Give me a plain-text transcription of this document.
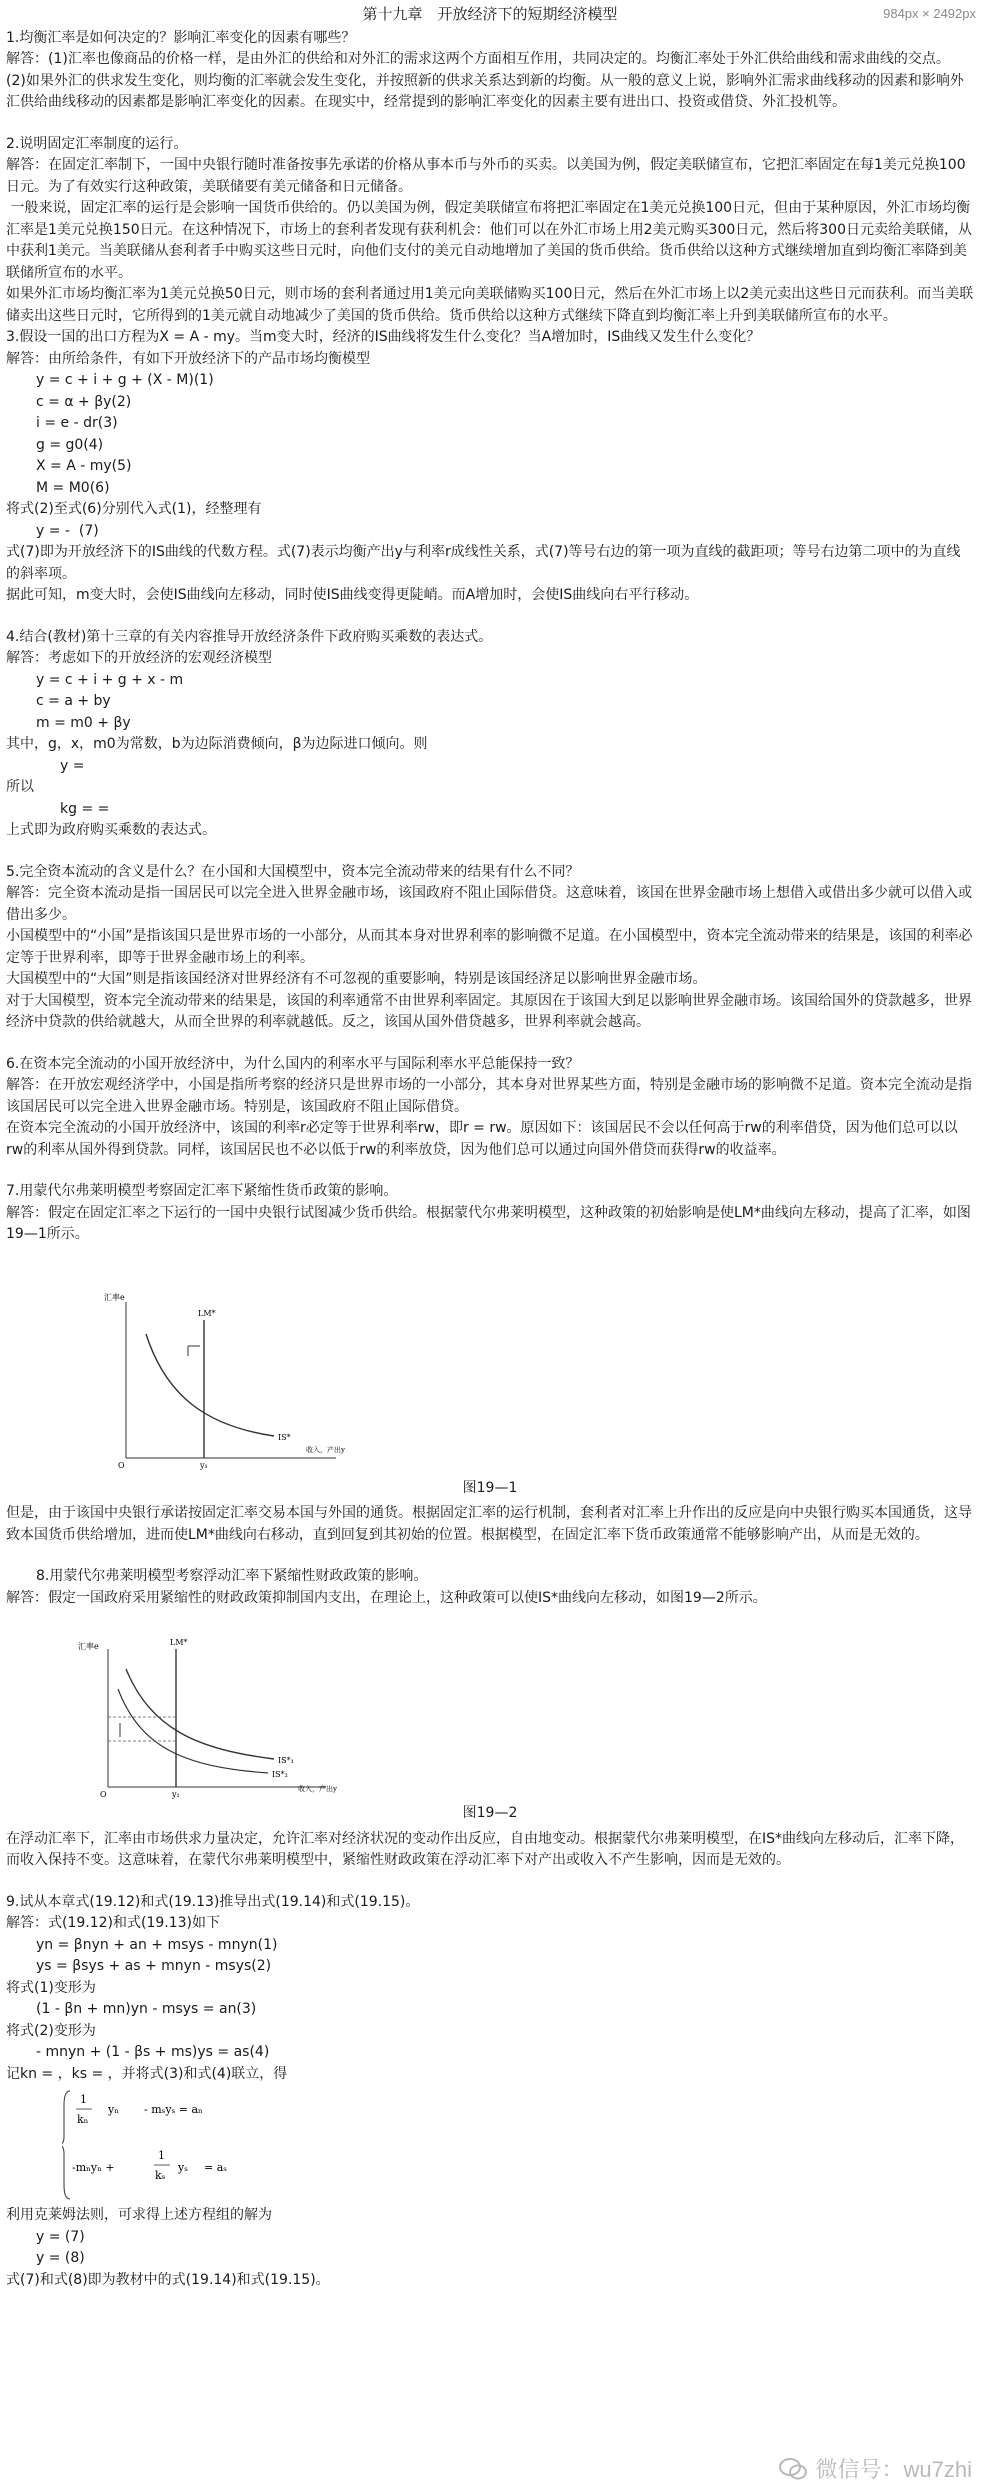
984px × 2492px
第十九章　开放经济下的短期经济模型

1.均衡汇率是如何决定的？影响汇率变化的因素有哪些？

解答：(1)汇率也像商品的价格一样，是由外汇的供给和对外汇的需求这两个方面相互作用，共同决定的。均衡汇率处于外汇供给曲线和需求曲线的交点。

(2)如果外汇的供求发生变化，则均衡的汇率就会发生变化，并按照新的供求关系达到新的均衡。从一般的意义上说，影响外汇需求曲线移动的因素和影响外汇供给曲线移动的因素都是影响汇率变化的因素。在现实中，经常提到的影响汇率变化的因素主要有进出口、投资或借贷、外汇投机等。

2.说明固定汇率制度的运行。

解答：在固定汇率制下，一国中央银行随时准备按事先承诺的价格从事本币与外币的买卖。以美国为例，假定美联储宣布，它把汇率固定在每1美元兑换100日元。为了有效实行这种政策，美联储要有美元储备和日元储备。

一般来说，固定汇率的运行是会影响一国货币供给的。仍以美国为例，假定美联储宣布将把汇率固定在1美元兑换100日元，但由于某种原因，外汇市场均衡汇率是1美元兑换150日元。在这种情况下，市场上的套利者发现有获利机会：他们可以在外汇市场上用2美元购买300日元，然后将300日元卖给美联储，从中获利1美元。当美联储从套利者手中购买这些日元时，向他们支付的美元自动地增加了美国的货币供给。货币供给以这种方式继续增加直到均衡汇率降到美联储所宣布的水平。

如果外汇市场均衡汇率为1美元兑换50日元，则市场的套利者通过用1美元向美联储购买100日元，然后在外汇市场上以2美元卖出这些日元而获利。而当美联储卖出这些日元时，它所得到的1美元就自动地减少了美国的货币供给。货币供给以这种方式继续下降直到均衡汇率上升到美联储所宣布的水平。

3.假设一国的出口方程为X = A - my。当m变大时，经济的IS曲线将发生什么变化？当A增加时，IS曲线又发生什么变化？

解答：由所给条件，有如下开放经济下的产品市场均衡模型

y = c + i + g + (X - M)(1)

c = α + βy(2)

i = e - dr(3)

g = g0(4)

X = A - my(5)

M = M0(6)

将式(2)至式(6)分别代入式(1)，经整理有

y = -  (7)

式(7)即为开放经济下的IS曲线的代数方程。式(7)表示均衡产出y与利率r成线性关系，式(7)等号右边的第一项为直线的截距项；等号右边第二项中的为直线的斜率项。

据此可知，m变大时，会使IS曲线向左移动，同时使IS曲线变得更陡峭。而A增加时，会使IS曲线向右平行移动。

4.结合(教材)第十三章的有关内容推导开放经济条件下政府购买乘数的表达式。

解答：考虑如下的开放经济的宏观经济模型

y = c + i + g + x - m

c = a + by

m = m0 + βy

其中，g，x，m0为常数，b为边际消费倾向，β为边际进口倾向。则

y =

所以

kg = =

上式即为政府购买乘数的表达式。

5.完全资本流动的含义是什么？在小国和大国模型中，资本完全流动带来的结果有什么不同？

解答：完全资本流动是指一国居民可以完全进入世界金融市场，该国政府不阻止国际借贷。这意味着，该国在世界金融市场上想借入或借出多少就可以借入或借出多少。

小国模型中的“小国”是指该国只是世界市场的一小部分，从而其本身对世界利率的影响微不足道。在小国模型中，资本完全流动带来的结果是，该国的利率必定等于世界利率，即等于世界金融市场上的利率。

大国模型中的“大国”则是指该国经济对世界经济有不可忽视的重要影响，特别是该国经济足以影响世界金融市场。

对于大国模型，资本完全流动带来的结果是，该国的利率通常不由世界利率固定。其原因在于该国大到足以影响世界金融市场。该国给国外的贷款越多，世界经济中贷款的供给就越大，从而全世界的利率就越低。反之，该国从国外借贷越多，世界利率就会越高。

6.在资本完全流动的小国开放经济中，为什么国内的利率水平与国际利率水平总能保持一致？

解答：在开放宏观经济学中，小国是指所考察的经济只是世界市场的一小部分，其本身对世界某些方面，特别是金融市场的影响微不足道。资本完全流动是指该国居民可以完全进入世界金融市场。特别是，该国政府不阻止国际借贷。

在资本完全流动的小国开放经济中，该国的利率r必定等于世界利率rw，即r = rw。原因如下：该国居民不会以任何高于rw的利率借贷，因为他们总可以以rw的利率从国外得到贷款。同样，该国居民也不必以低于rw的利率放贷，因为他们总可以通过向国外借贷而获得rw的收益率。

7.用蒙代尔弗莱明模型考察固定汇率下紧缩性货币政策的影响。

解答：假定在固定汇率之下运行的一国中央银行试图减少货币供给。根据蒙代尔弗莱明模型，这种政策的初始影响是使LM*曲线向左移动，提高了汇率，如图19—1所示。

汇率e
收入，产出y
O
LM*
IS*
y₁

图19—1

但是，由于该国中央银行承诺按固定汇率交易本国与外国的通货。根据固定汇率的运行机制，套利者对汇率上升作出的反应是向中央银行购买本国通货，这导致本国货币供给增加，进而使LM*曲线向右移动，直到回复到其初始的位置。根据模型，在固定汇率下货币政策通常不能够影响产出，从而是无效的。

8.用蒙代尔弗莱明模型考察浮动汇率下紧缩性财政政策的影响。

解答：假定一国政府采用紧缩性的财政政策抑制国内支出，在理论上，这种政策可以使IS*曲线向左移动，如图19—2所示。

汇率e
收入，产出y
O
LM*
IS*₁
IS*₂
y₁

图19—2

在浮动汇率下，汇率由市场供求力量决定，允许汇率对经济状况的变动作出反应，自由地变动。根据蒙代尔弗莱明模型，在IS*曲线向左移动后，汇率下降，而收入保持不变。这意味着，在蒙代尔弗莱明模型中，紧缩性财政政策在浮动汇率下对产出或收入不产生影响，因而是无效的。

9.试从本章式(19.12)和式(19.13)推导出式(19.14)和式(19.15)。

解答：式(19.12)和式(19.13)如下

yn = βnyn + an + msys - mnyn(1)

ys = βsys + as + mnyn - msys(2)

将式(1)变形为

(1 - βn + mn)yn - msys = an(3)

将式(2)变形为

- mnyn + (1 - βs + ms)ys = as(4)

记kn = ，ks = ，并将式(3)和式(4)联立，得

1
kₙ
yₙ - mₛyₛ = aₙ
-mₙyₙ +
1
kₛ
yₛ = aₛ

利用克莱姆法则，可求得上述方程组的解为

y = (7)

y = (8)

式(7)和式(8)即为教材中的式(19.14)和式(19.15)。

微信号：wu7zhi
